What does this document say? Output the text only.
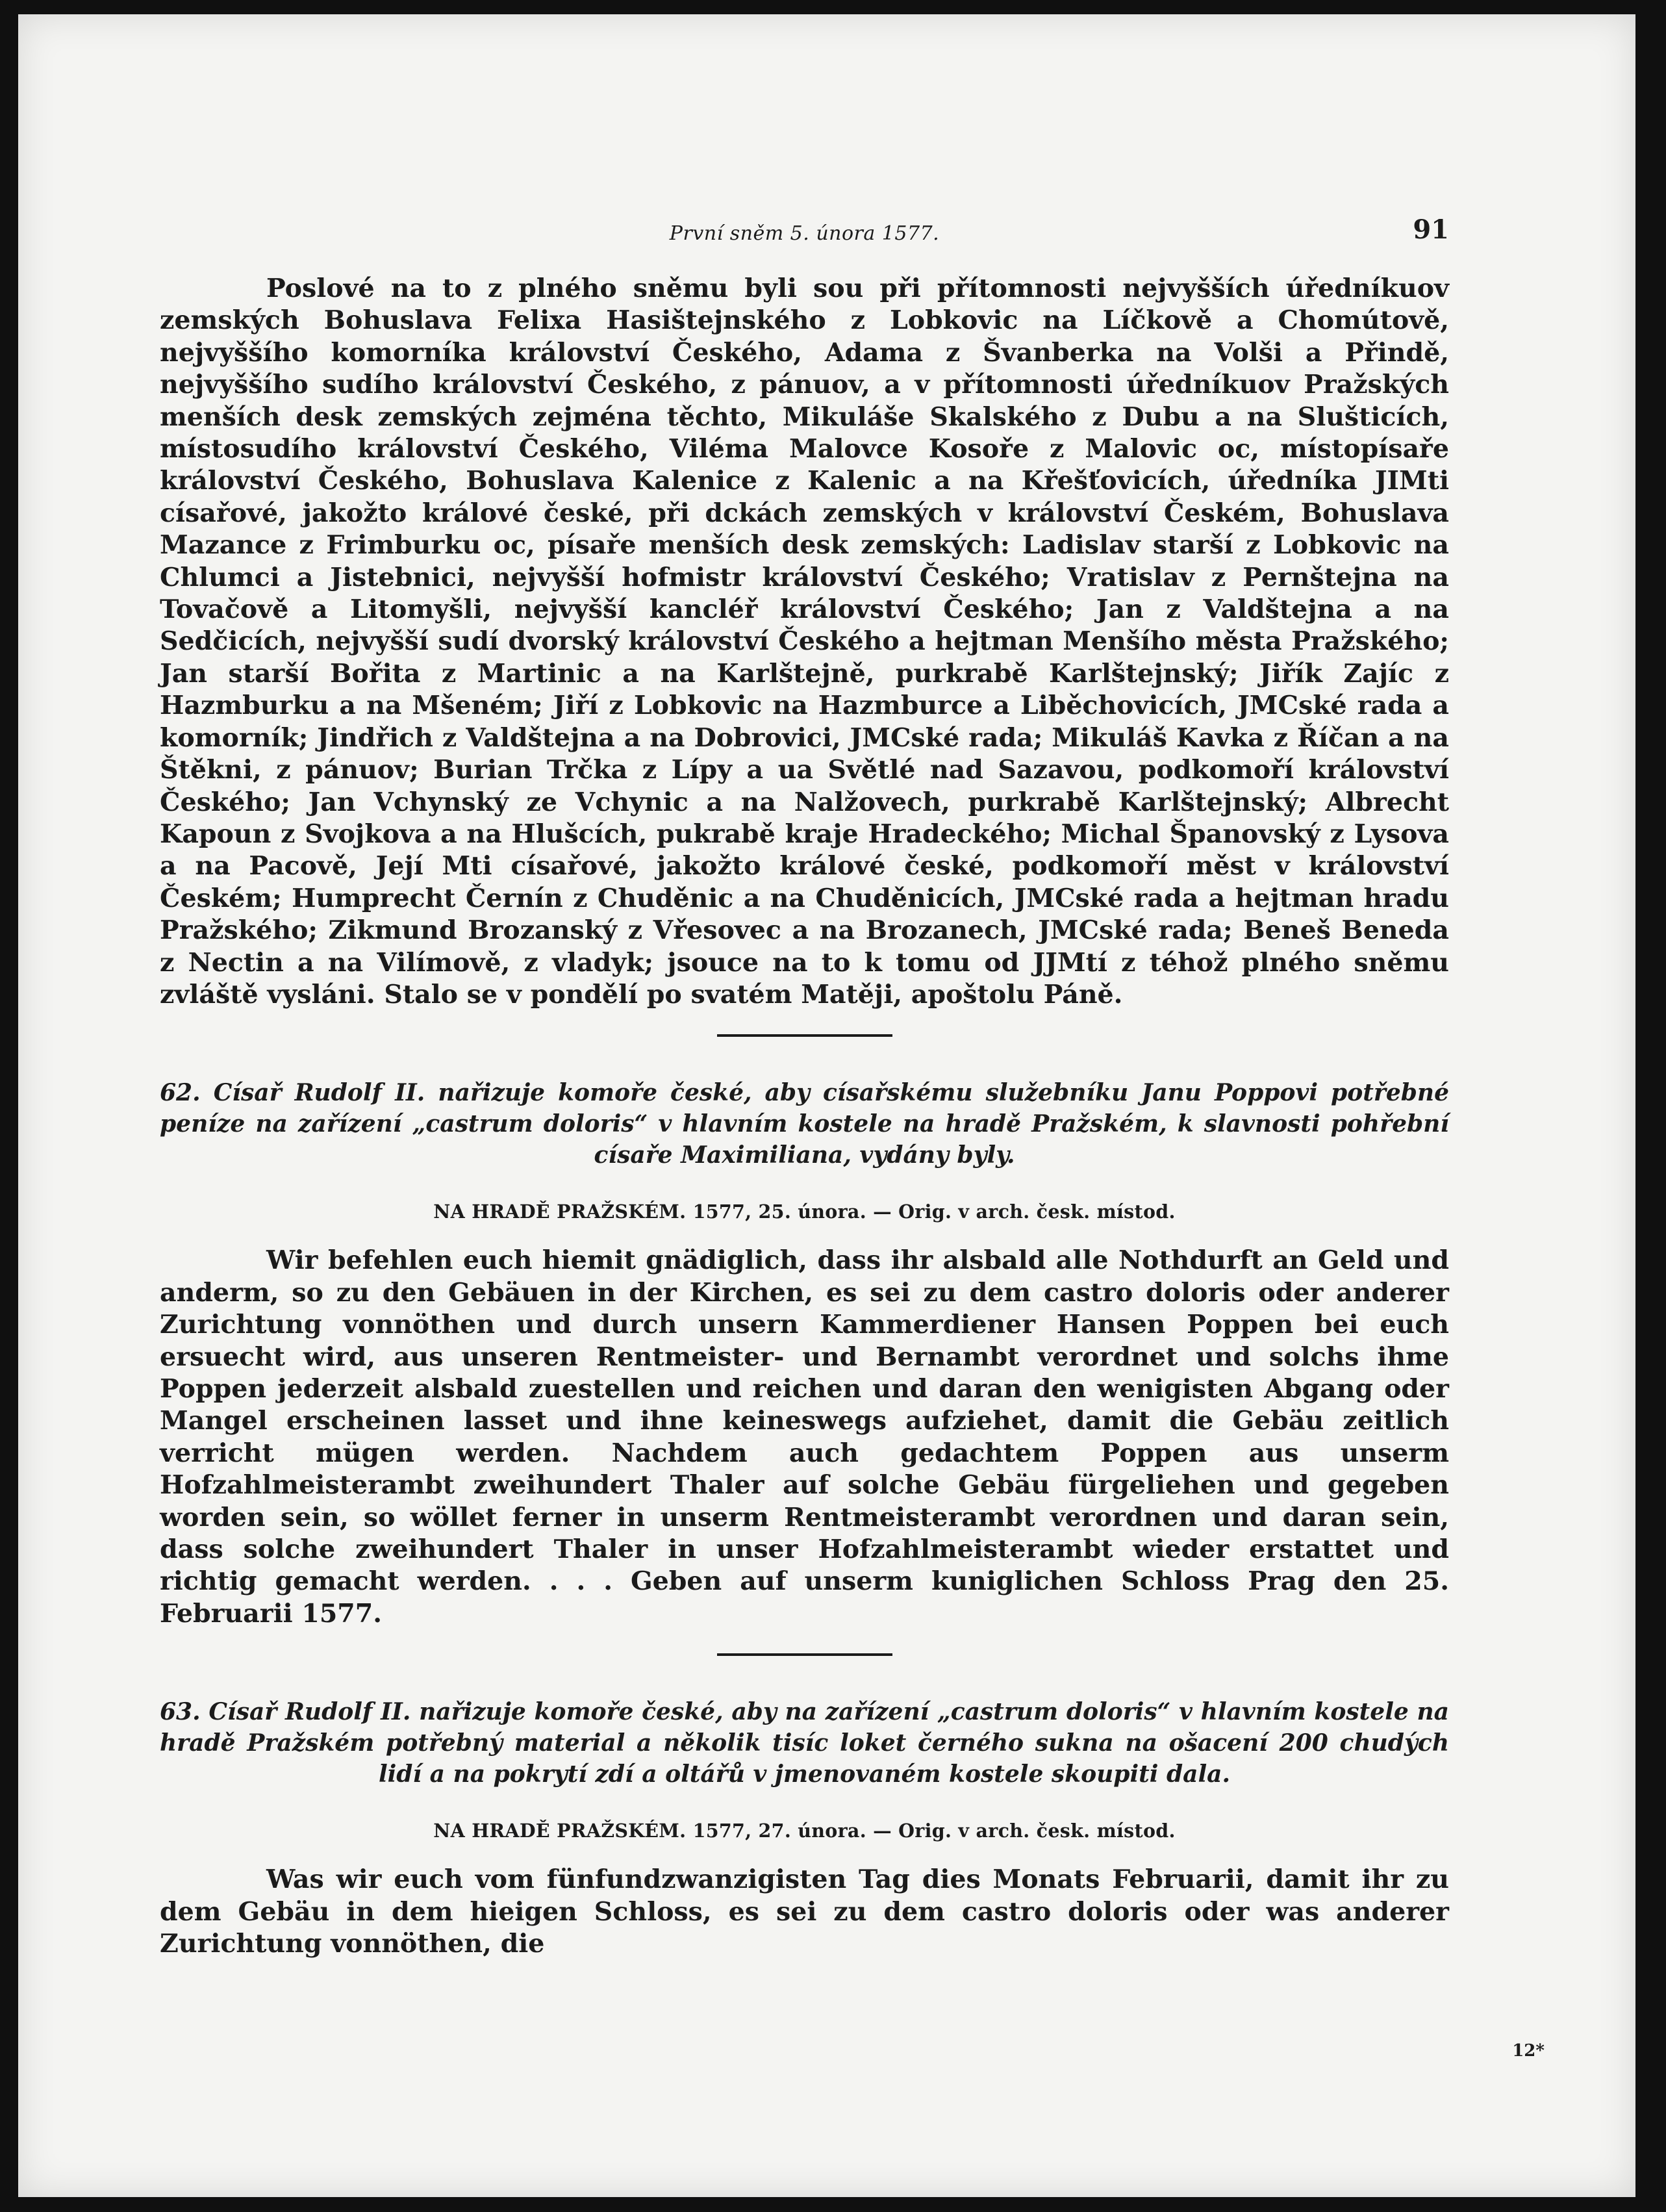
První sněm 5. února 1577.	91

Poslové na to z plného sněmu byli sou při přítomnosti nejvyšších úředníkuov zemských Bohuslava Felixa Hasištejnského z Lobkovic na Líčkově a Chomútově, nejvyššího komorníka království Českého, Adama z Švanberka na Volši a Přindě, nejvyššího sudího království Českého, z pánuov, a v přítomnosti úředníkuov Pražských menších desk zemských zejména těchto, Mikuláše Skalského z Dubu a na Slušticích, místosudího království Českého, Viléma Malovce Kosoře z Malovic oc, místopísaře království Českého, Bohuslava Kalenice z Kalenic a na Křešťovicích, úředníka JIMti císařové, jakožto králové české, při dckách zemských v království Českém, Bohuslava Mazance z Frimburku oc, písaře menších desk zemských: Ladislav starší z Lobkovic na Chlumci a Jistebnici, nejvyšší hofmistr království Českého; Vratislav z Pernštejna na Tovačově a Litomyšli, nejvyšší kancléř království Českého; Jan z Valdštejna a na Sedčicích, nejvyšší sudí dvorský království Českého a hejtman Menšího města Pražského; Jan starší Bořita z Martinic a na Karlštejně, purkrabě Karlštejnský; Jiřík Zajíc z Hazmburku a na Mšeném; Jiří z Lobkovic na Hazmburce a Liběchovicích, JMCské rada a komorník; Jindřich z Valdštejna a na Dobrovici, JMCské rada; Mikuláš Kavka z Říčan a na Štěkni, z pánuov; Burian Trčka z Lípy a ua Světlé nad Sazavou, podkomoří království Českého; Jan Vchynský ze Vchynic a na Nalžovech, purkrabě Karlštejnský; Albrecht Kapoun z Svojkova a na Hlušcích, pukrabě kraje Hradeckého; Michal Španovský z Lysova a na Pacově, Její Mti císařové, jakožto králové české, podkomoří měst v království Českém; Humprecht Černín z Chuděnic a na Chuděnicích, JMCské rada a hejtman hradu Pražského; Zikmund Brozanský z Vřesovec a na Brozanech, JMCské rada; Beneš Beneda z Nectin a na Vilímově, z vladyk; jsouce na to k tomu od JJMtí z téhož plného sněmu zvláště vysláni. Stalo se v pondělí po svatém Matěji, apoštolu Páně.

62. Císař Rudolf II. nařizuje komoře české, aby císařskému služebníku Janu Poppovi potřebné peníze na zařízení „castrum doloris“ v hlavním kostele na hradě Pražském, k slavnosti pohřební císaře Maximiliana, vydány byly.

NA HRADĚ PRAŽSKÉM. 1577, 25. února. — Orig. v arch. česk. místod.

Wir befehlen euch hiemit gnädiglich, dass ihr alsbald alle Nothdurft an Geld und anderm, so zu den Gebäuen in der Kirchen, es sei zu dem castro doloris oder anderer Zurichtung vonnöthen und durch unsern Kammerdiener Hansen Poppen bei euch ersuecht wird, aus unseren Rentmeister- und Bernambt verordnet und solchs ihme Poppen jederzeit alsbald zuestellen und reichen und daran den wenigisten Abgang oder Mangel erscheinen lasset und ihne keineswegs aufziehet, damit die Gebäu zeitlich verricht mügen werden. Nachdem auch gedachtem Poppen aus unserm Hofzahlmeisterambt zweihundert Thaler auf solche Gebäu fürgeliehen und gegeben worden sein, so wöllet ferner in unserm Rentmeisterambt verordnen und daran sein, dass solche zweihundert Thaler in unser Hofzahlmeisterambt wieder erstattet und richtig gemacht werden. . . . Geben auf unserm kuniglichen Schloss Prag den 25. Februarii 1577.

63. Císař Rudolf II. nařizuje komoře české, aby na zařízení „castrum doloris“ v hlavním kostele na hradě Pražském potřebný material a několik tisíc loket černého sukna na ošacení 200 chudých lidí a na pokrytí zdí a oltářů v jmenovaném kostele skoupiti dala.

NA HRADĚ PRAŽSKÉM. 1577, 27. února. — Orig. v arch. česk. místod.

Was wir euch vom fünfundzwanzigisten Tag dies Monats Februarii, damit ihr zu dem Gebäu in dem hieigen Schloss, es sei zu dem castro doloris oder was anderer Zurichtung vonnöthen, die

12*
